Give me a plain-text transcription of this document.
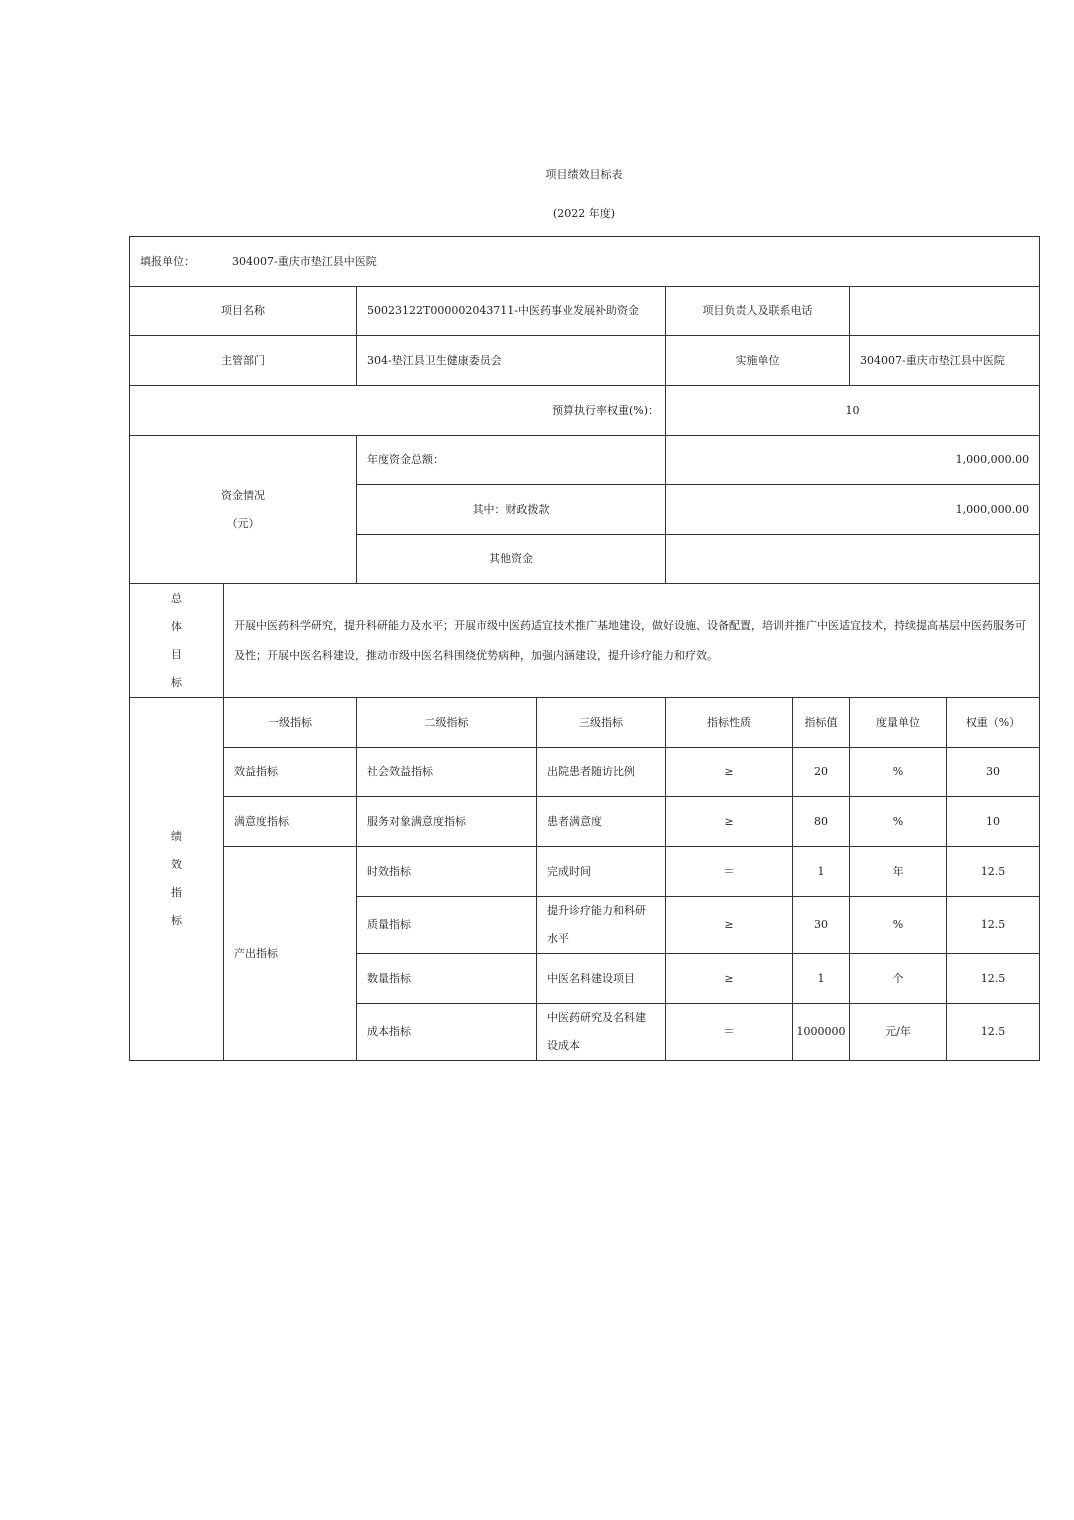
项目绩效目标表
(2022 年度)
填报单位： 304007-重庆市垫江县中医院							
项目名称		50023122T000002043711-中医药事业发展补助资金		项目负责人及联系电话			
主管部门		304-垫江县卫生健康委员会		实施单位		304007-重庆市垫江县中医院	
预算执行率权重(%)：				10			

资金情况
（元）		年度资金总额：		1,000,000.00			
		其中：财政拨款		1,000,000.00			
		其他资金					

总
体
目
标	开展中医药科学研究，提升科研能力及水平；开展市级中医药适宜技术推广基地建设，做好设施、设备配置，培训并推广中医适宜技术，持续提高基层中医药服务可及性；开展中医名科建设，推动市级中医名科围绕优势病种，加强内涵建设，提升诊疗能力和疗效。						

绩
效
指
标	一级指标	二级指标	三级指标	指标性质	指标值	度量单位	权重（%）
	效益指标	社会效益指标	出院患者随访比例	≥	20	%	30
	满意度指标	服务对象满意度指标	患者满意度	≥	80	%	10
	产出指标	时效指标	完成时间	＝	1	年	12.5
		质量指标	提升诊疗能力和科研水平	≥	30	%	12.5
		数量指标	中医名科建设项目	≥	1	个	12.5
		成本指标	中医药研究及名科建设成本	＝	1000000	元/年	12.5
